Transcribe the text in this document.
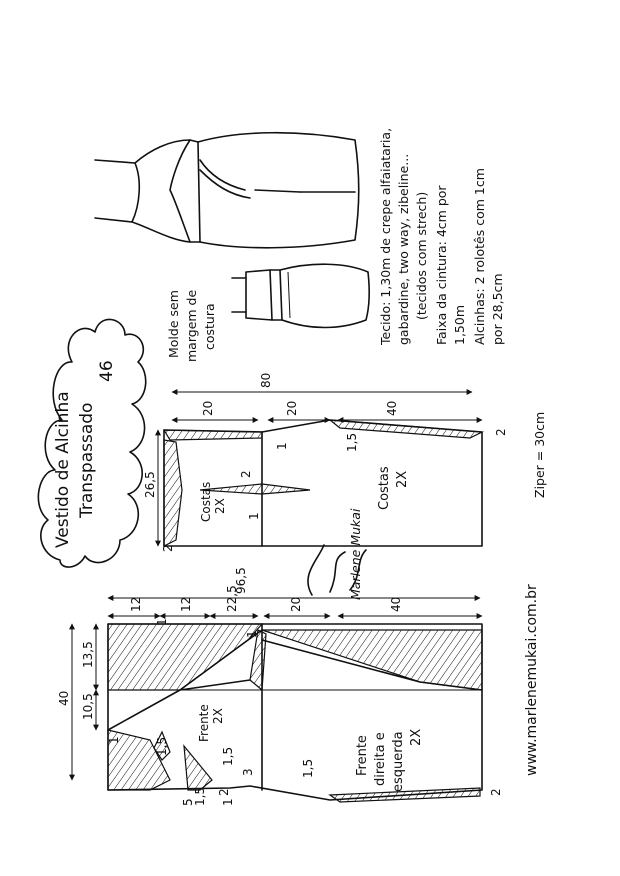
Vestido de Alcinha Transpassado
46
Molde sem margem de costura	Tecido: 1,30m de crepe alfaiataria, gabardine, two way, zibeline... (tecidos com strech) Faixa da cintura: 4cm por 1,50m Alcinhas: 2 rolotês com 1cm por 28,5cm
80
20	20	40
26,5	2
2
2
1
1	1,5
Costas 2X
Costas 2X
Ziper = 30cm
Marlene Mukai
96,5
40
12	12	22,5	20	40
13,5
10,5
2	2
1
1
1
1
1,5
1,5
1,5
3
5
1,5
Frente direita e esquerda 2X
Frente 2X	www.marlenemukai.com.br
